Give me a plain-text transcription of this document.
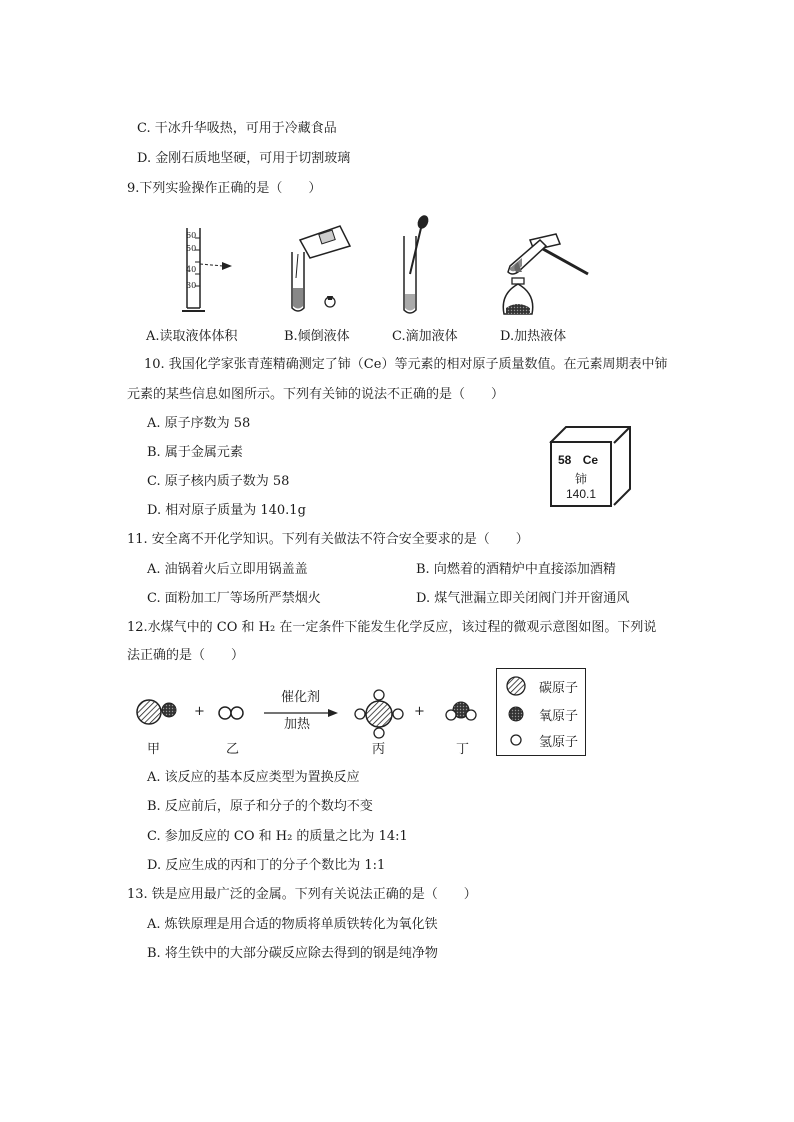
C. 干冰升华吸热，可用于冷藏食品
D. 金刚石质地坚硬，可用于切割玻璃
9.下列实验操作正确的是（　　）
60
50
40
30
A.读取液体体积	B.倾倒液体	C.滴加液体	D.加热液体
10. 我国化学家张青莲精确测定了铈（Ce）等元素的相对原子质量数值。在元素周期表中铈
元素的某些信息如图所示。下列有关铈的说法不正确的是（　　）
A. 原子序数为 58
B. 属于金属元素
C. 原子核内质子数为 58
D. 相对原子质量为 140.1g
58 Ce
铈
140.1
11. 安全离不开化学知识。下列有关做法不符合安全要求的是（　　）
A. 油锅着火后立即用锅盖盖	B. 向燃着的酒精炉中直接添加酒精
C. 面粉加工厂等场所严禁烟火	D. 煤气泄漏立即关闭阀门并开窗通风
12.水煤气中的 CO 和 H₂ 在一定条件下能发生化学反应，该过程的微观示意图如图。下列说
法正确的是（　　）
+
催化剂
加热
+
甲	乙	丙	丁
碳原子
氧原子
氢原子
A. 该反应的基本反应类型为置换反应
B. 反应前后，原子和分子的个数均不变
C. 参加反应的 CO 和 H₂ 的质量之比为 14:1
D. 反应生成的丙和丁的分子个数比为 1:1
13. 铁是应用最广泛的金属。下列有关说法正确的是（　　）
A. 炼铁原理是用合适的物质将单质铁转化为氧化铁
B. 将生铁中的大部分碳反应除去得到的钢是纯净物
